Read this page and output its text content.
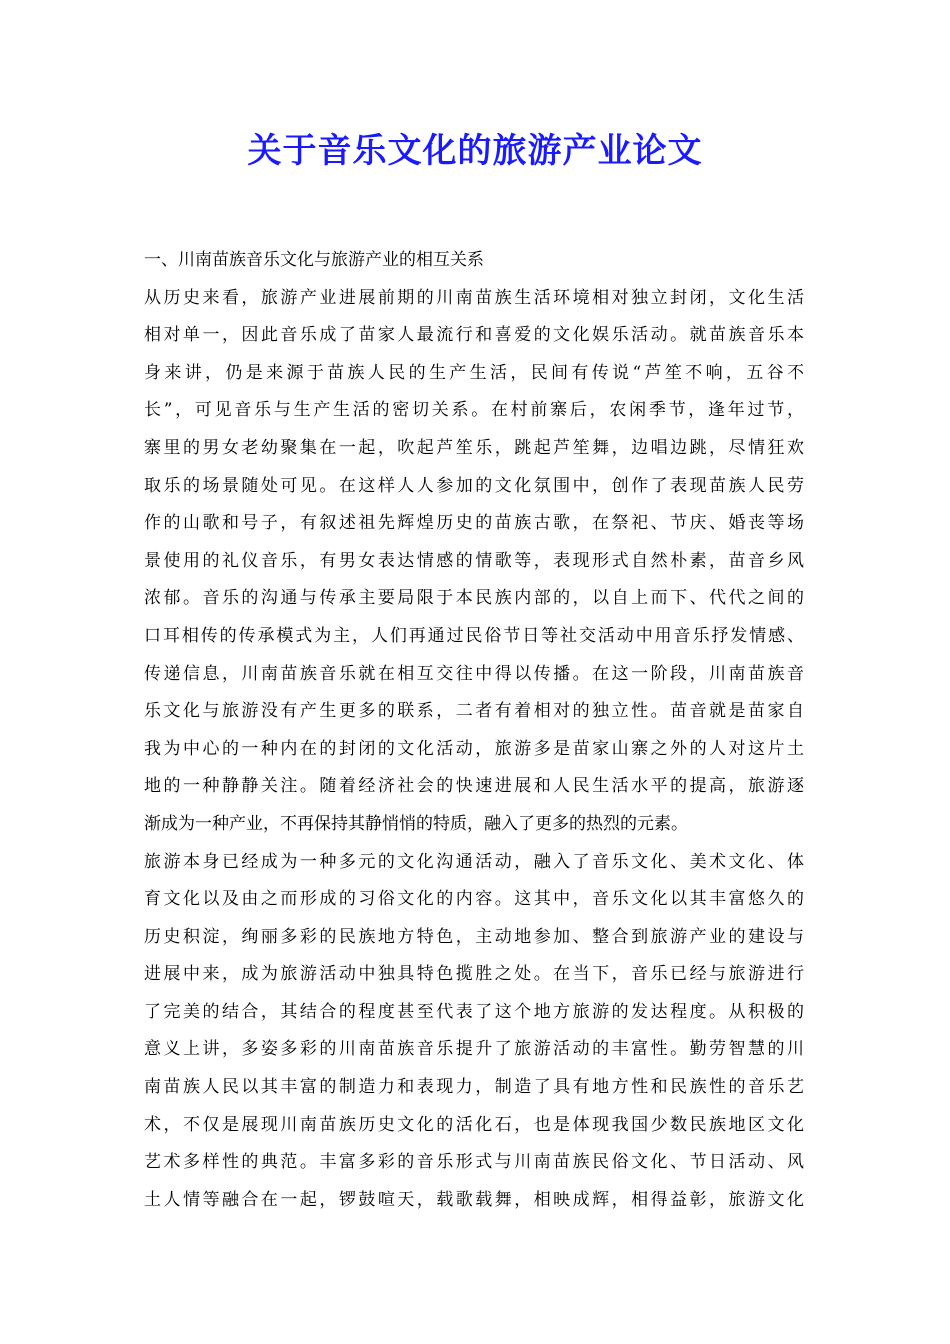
关于音乐文化的旅游产业论文

一、川南苗族音乐文化与旅游产业的相互关系

从历史来看，旅游产业进展前期的川南苗族生活环境相对独立封闭，文化生活

相对单一，因此音乐成了苗家人最流行和喜爱的文化娱乐活动。就苗族音乐本

身来讲，仍是来源于苗族人民的生产生活，民间有传说“芦笙不响，五谷不

长”，可见音乐与生产生活的密切关系。在村前寨后，农闲季节，逢年过节，

寨里的男女老幼聚集在一起，吹起芦笙乐，跳起芦笙舞，边唱边跳，尽情狂欢

取乐的场景随处可见。在这样人人参加的文化氛围中，创作了表现苗族人民劳

作的山歌和号子，有叙述祖先辉煌历史的苗族古歌，在祭祀、节庆、婚丧等场

景使用的礼仪音乐，有男女表达情感的情歌等，表现形式自然朴素，苗音乡风

浓郁。音乐的沟通与传承主要局限于本民族内部的，以自上而下、代代之间的

口耳相传的传承模式为主，人们再通过民俗节日等社交活动中用音乐抒发情感、

传递信息，川南苗族音乐就在相互交往中得以传播。在这一阶段，川南苗族音

乐文化与旅游没有产生更多的联系，二者有着相对的独立性。苗音就是苗家自

我为中心的一种内在的封闭的文化活动，旅游多是苗家山寨之外的人对这片土

地的一种静静关注。随着经济社会的快速进展和人民生活水平的提高，旅游逐

渐成为一种产业，不再保持其静悄悄的特质，融入了更多的热烈的元素。

旅游本身已经成为一种多元的文化沟通活动，融入了音乐文化、美术文化、体

育文化以及由之而形成的习俗文化的内容。这其中，音乐文化以其丰富悠久的

历史积淀，绚丽多彩的民族地方特色，主动地参加、整合到旅游产业的建设与

进展中来，成为旅游活动中独具特色揽胜之处。在当下，音乐已经与旅游进行

了完美的结合，其结合的程度甚至代表了这个地方旅游的发达程度。从积极的

意义上讲，多姿多彩的川南苗族音乐提升了旅游活动的丰富性。勤劳智慧的川

南苗族人民以其丰富的制造力和表现力，制造了具有地方性和民族性的音乐艺

术，不仅是展现川南苗族历史文化的活化石，也是体现我国少数民族地区文化

艺术多样性的典范。丰富多彩的音乐形式与川南苗族民俗文化、节日活动、风

土人情等融合在一起，锣鼓喧天，载歌载舞，相映成辉，相得益彰，旅游文化
